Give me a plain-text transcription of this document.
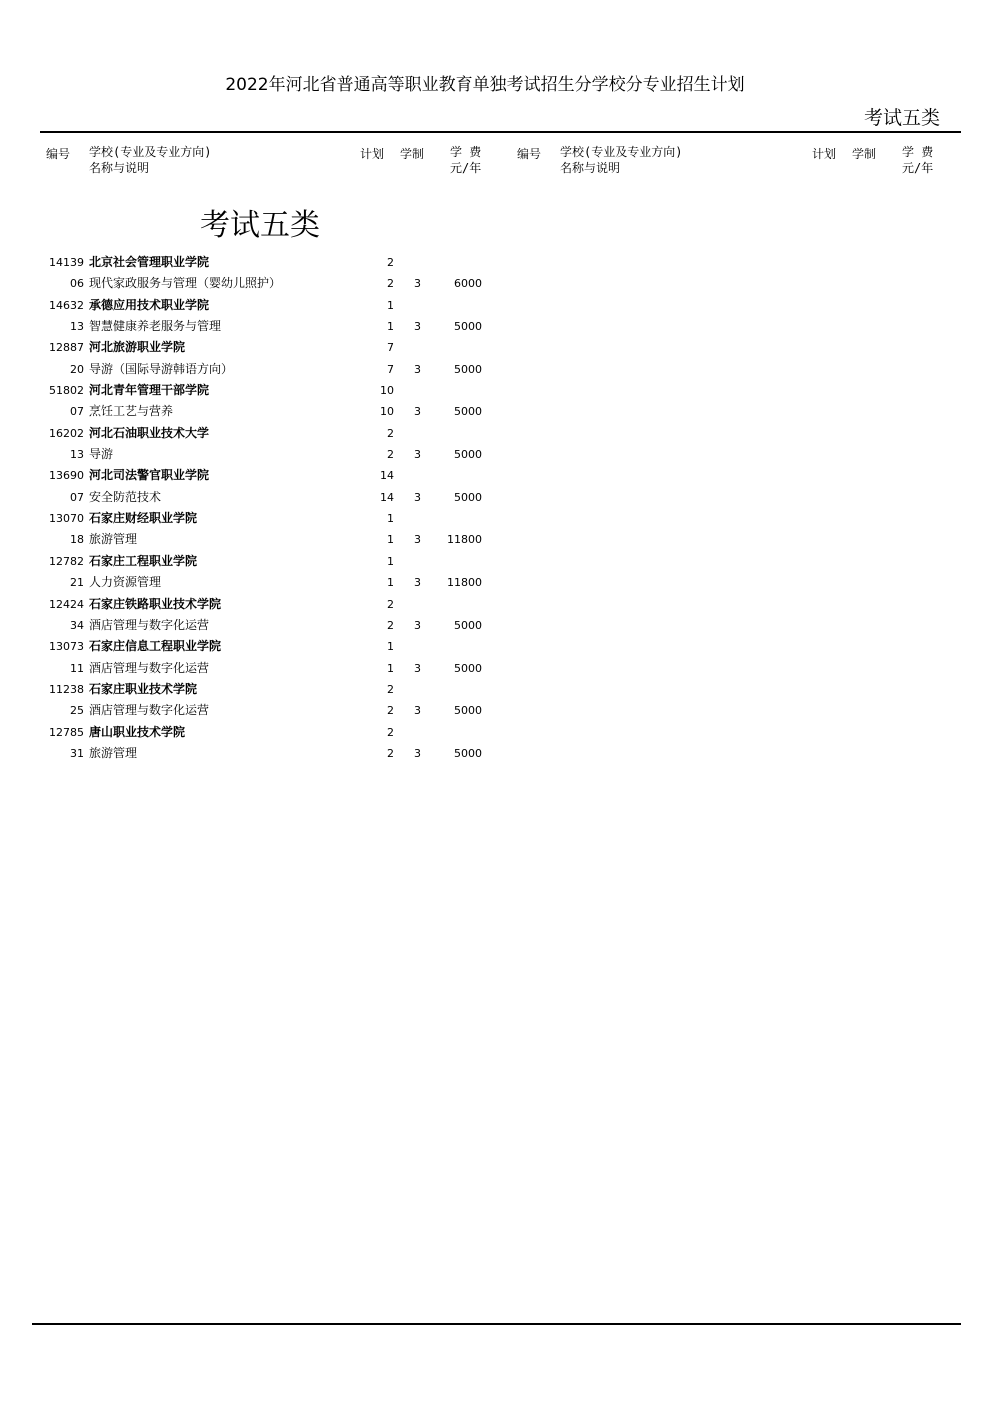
2022年河北省普通高等职业教育单独考试招生分学校分专业招生计划
考试五类
编号 学校(专业及专业方向)
名称与说明
计划 学制 学 费
元/年
编号 学校(专业及专业方向)
名称与说明
计划 学制 学 费
元/年
考试五类
14139 北京社会管理职业学院	2
06 现代家政服务与管理（婴幼儿照护）	2 3	6000
14632 承德应用技术职业学院	1
13 智慧健康养老服务与管理	1 3	5000
12887 河北旅游职业学院	7
20 导游（国际导游韩语方向）	7 3	5000
51802 河北青年管理干部学院	10
07 烹饪工艺与营养	10 3	5000
16202 河北石油职业技术大学	2
13 导游	2 3	5000
13690 河北司法警官职业学院	14
07 安全防范技术	14 3	5000
13070 石家庄财经职业学院	1
18 旅游管理	1 3 11800
12782 石家庄工程职业学院	1
21 人力资源管理	1 3 11800
12424 石家庄铁路职业技术学院	2
34 酒店管理与数字化运营	2 3	5000
13073 石家庄信息工程职业学院	1
11 酒店管理与数字化运营	1 3	5000
11238 石家庄职业技术学院	2
25 酒店管理与数字化运营	2 3	5000
12785 唐山职业技术学院	2
31 旅游管理	2 3	5000
